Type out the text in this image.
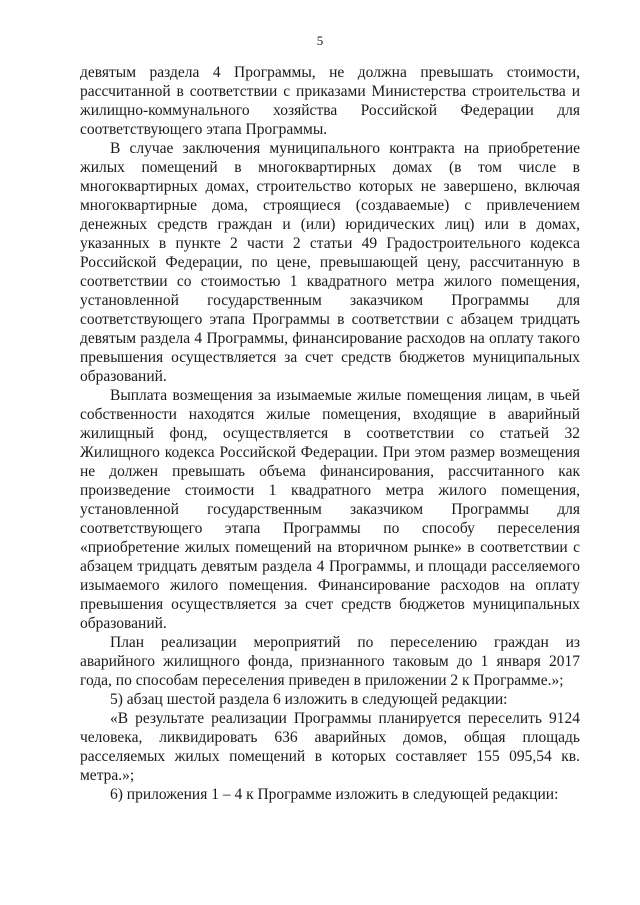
5

девятым раздела 4 Программы, не должна превышать стоимости, рассчитанной в соответствии с приказами Министерства строительства и жилищно-коммунального хозяйства Российской Федерации для соответствующего этапа Программы.

В случае заключения муниципального контракта на приобретение жилых помещений в многоквартирных домах (в том числе в многоквартирных домах, строительство которых не завершено, включая многоквартирные дома, строящиеся (создаваемые) с привлечением денежных средств граждан и (или) юридических лиц) или в домах, указанных в пункте 2 части 2 статьи 49 Градостроительного кодекса Российской Федерации, по цене, превышающей цену, рассчитанную в соответствии со стоимостью 1 квадратного метра жилого помещения, установленной государственным заказчиком Программы для соответствующего этапа Программы в соответствии с абзацем тридцать девятым раздела 4 Программы, финансирование расходов на оплату такого превышения осуществляется за счет средств бюджетов муниципальных образований.

Выплата возмещения за изымаемые жилые помещения лицам, в чьей собственности находятся жилые помещения, входящие в аварийный жилищный фонд, осуществляется в соответствии со статьей 32 Жилищного кодекса Российской Федерации. При этом размер возмещения не должен превышать объема финансирования, рассчитанного как произведение стоимости 1 квадратного метра жилого помещения, установленной государственным заказчиком Программы для соответствующего этапа Программы по способу переселения «приобретение жилых помещений на вторичном рынке» в соответствии с абзацем тридцать девятым раздела 4 Программы, и площади расселяемого изымаемого жилого помещения. Финансирование расходов на оплату превышения осуществляется за счет средств бюджетов муниципальных образований.

План реализации мероприятий по переселению граждан из аварийного жилищного фонда, признанного таковым до 1 января 2017 года, по способам переселения приведен в приложении 2 к Программе.»;

5) абзац шестой раздела 6 изложить в следующей редакции:

«В результате реализации Программы планируется переселить 9124 человека, ликвидировать 636 аварийных домов, общая площадь расселяемых жилых помещений в которых составляет 155 095,54 кв. метра.»;

6) приложения 1 – 4 к Программе изложить в следующей редакции:
